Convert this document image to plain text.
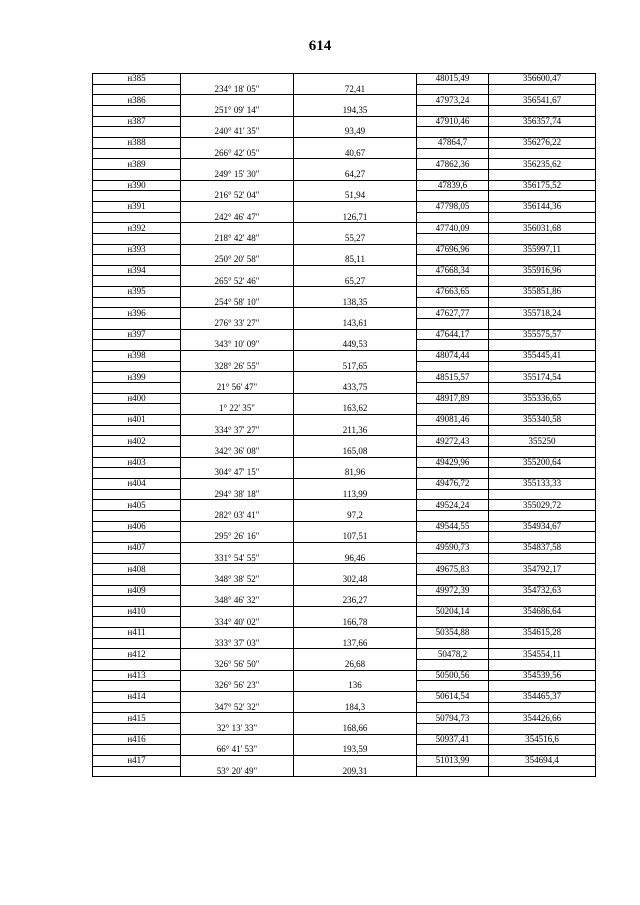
614
н385			48015,49	356600,47
	234° 18' 05"	72,41		
н386			47973,24	356541,67
	251° 09' 14"	194,35		
н387			47910,46	356357,74
	240° 41' 35"	93,49		
н388			47864,7	356276,22
	266° 42' 05"	40,67		
н389			47862,36	356235,62
	249° 15' 30"	64,27		
н390			47839,6	356175,52
	216° 52' 04"	51,94		
н391			47798,05	356144,36
	242° 46' 47"	126,71		
н392			47740,09	356031,68
	218° 42' 48"	55,27		
н393			47696,96	355997,11
	250° 20' 58"	85,11		
н394			47668,34	355916,96
	265° 52' 46"	65,27		
н395			47663,65	355851,86
	254° 58' 10"	138,35		
н396			47627,77	355718,24
	276° 33' 27"	143,61		
н397			47644,17	355575,57
	343° 10' 09"	449,53		
н398			48074,44	355445,41
	328° 26' 55"	517,65		
н399			48515,57	355174,54
	21° 56' 47"	433,75		
н400			48917,89	355336,65
	1° 22' 35"	163,62		
н401			49081,46	355340,58
	334° 37' 27"	211,36		
н402			49272,43	355250
	342° 36' 08"	165,08		
н403			49429,96	355200,64
	304° 47' 15"	81,96		
н404			49476,72	355133,33
	294° 38' 18"	113,99		
н405			49524,24	355029,72
	282° 03' 41"	97,2		
н406			49544,55	354934,67
	295° 26' 16"	107,51		
н407			49590,73	354837,58
	331° 54' 55"	96,46		
н408			49675,83	354792,17
	348° 38' 52"	302,48		
н409			49972,39	354732,63
	348° 46' 32"	236,27		
н410			50204,14	354686,64
	334° 40' 02"	166,78		
н411			50354,88	354615,28
	333° 37' 03"	137,66		
н412			50478,2	354554,11
	326° 56' 50"	26,68		
н413			50500,56	354539,56
	326° 56' 23"	136		
н414			50614,54	354465,37
	347° 52' 32"	184,3		
н415			50794,73	354426,66
	32° 13' 33"	168,66		
н416			50937,41	354516,6
	66° 41' 53"	193,59		
н417			51013,99	354694,4
	53° 20' 49"	209,31		
